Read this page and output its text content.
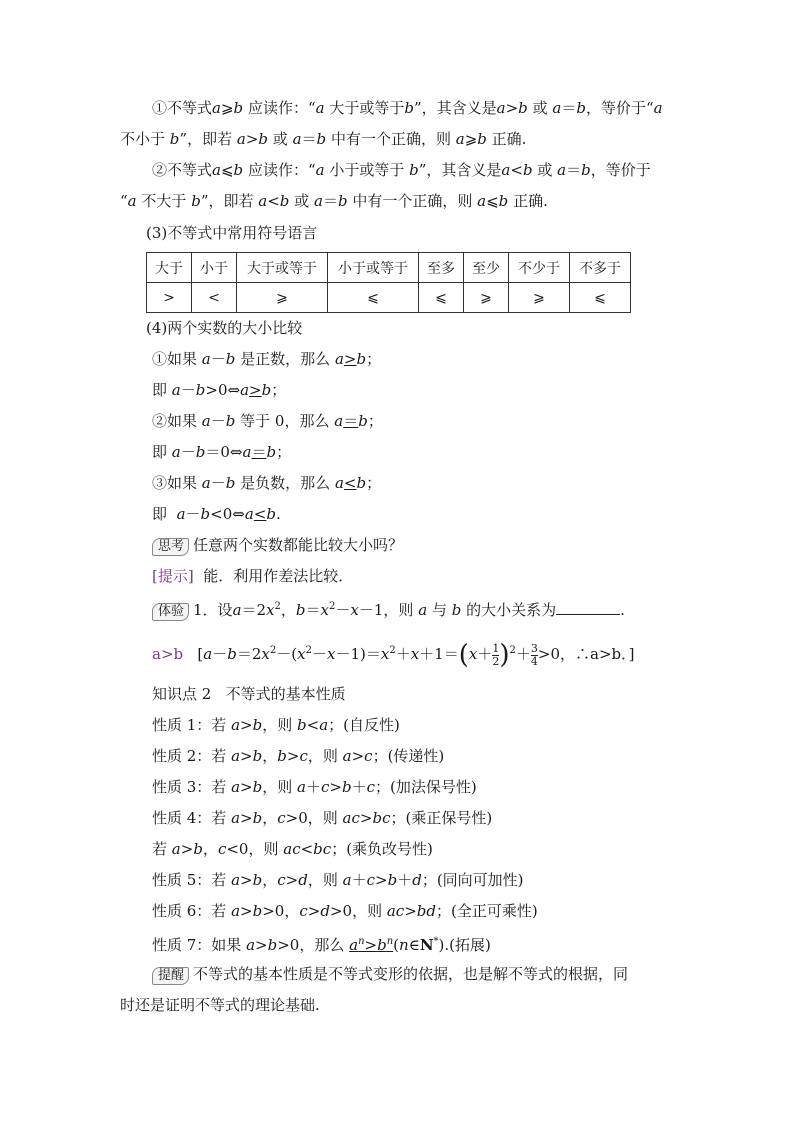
①不等式a⩾b 应读作：“a 大于或等于b”，其含义是a>b 或 a＝b，等价于“a
不小于 b”，即若 a>b 或 a＝b 中有一个正确，则 a⩾b 正确.
②不等式a⩽b 应读作：“a 小于或等于 b”，其含义是a<b 或 a＝b，等价于
“a 不大于 b”，即若 a<b 或 a＝b 中有一个正确，则 a⩽b 正确.
(3)不等式中常用符号语言
大于	小于	大于或等于	小于或等于	至多	至少	不少于	不多于
>	<	⩾	⩽	⩽	⩾	⩾	⩽
(4)两个实数的大小比较
①如果 a－b 是正数，那么 a>b；
即 a－b>0⇔a>b；
②如果 a－b 等于 0，那么 a＝b；
即 a－b＝0⇔a＝b；
③如果 a－b 是负数，那么 a<b；
即 a－b<0⇔a<b.
思考 任意两个实数都能比较大小吗？
[提示] 能．利用作差法比较．
体验 1．设$a=2x^2$，$b=x^2-x-1$，则 a 与 b 的大小关系为	.
a>b   [$a-b=2x^2-(x^2-x-1)=x^2+x+1=(x+ \frac{1}{2} )^2+ \frac{3}{4} >0$，∴a>b．]
知识点 2 不等式的基本性质
性质 1：若 a>b，则 b<a；(自反性)
性质 2：若 a>b，b>c，则 a>c；(传递性)
性质 3：若 a>b，则 a＋c>b＋c；(加法保号性)
性质 4：若 a>b，c>0，则 ac>bc；(乘正保号性)
若 a>b，c<0，则 ac<bc；(乘负改号性)
性质 5：若 a>b，c>d，则 a＋c>b＋d；(同向可加性)
性质 6：若 a>b>0，c>d>0，则 ac>bd；(全正可乘性)
性质 7：如果 a>b>0，那么 $a^n>b^n(n\in N^*)$.(拓展)
提醒 不等式的基本性质是不等式变形的依据，也是解不等式的根据，同
时还是证明不等式的理论基础.
